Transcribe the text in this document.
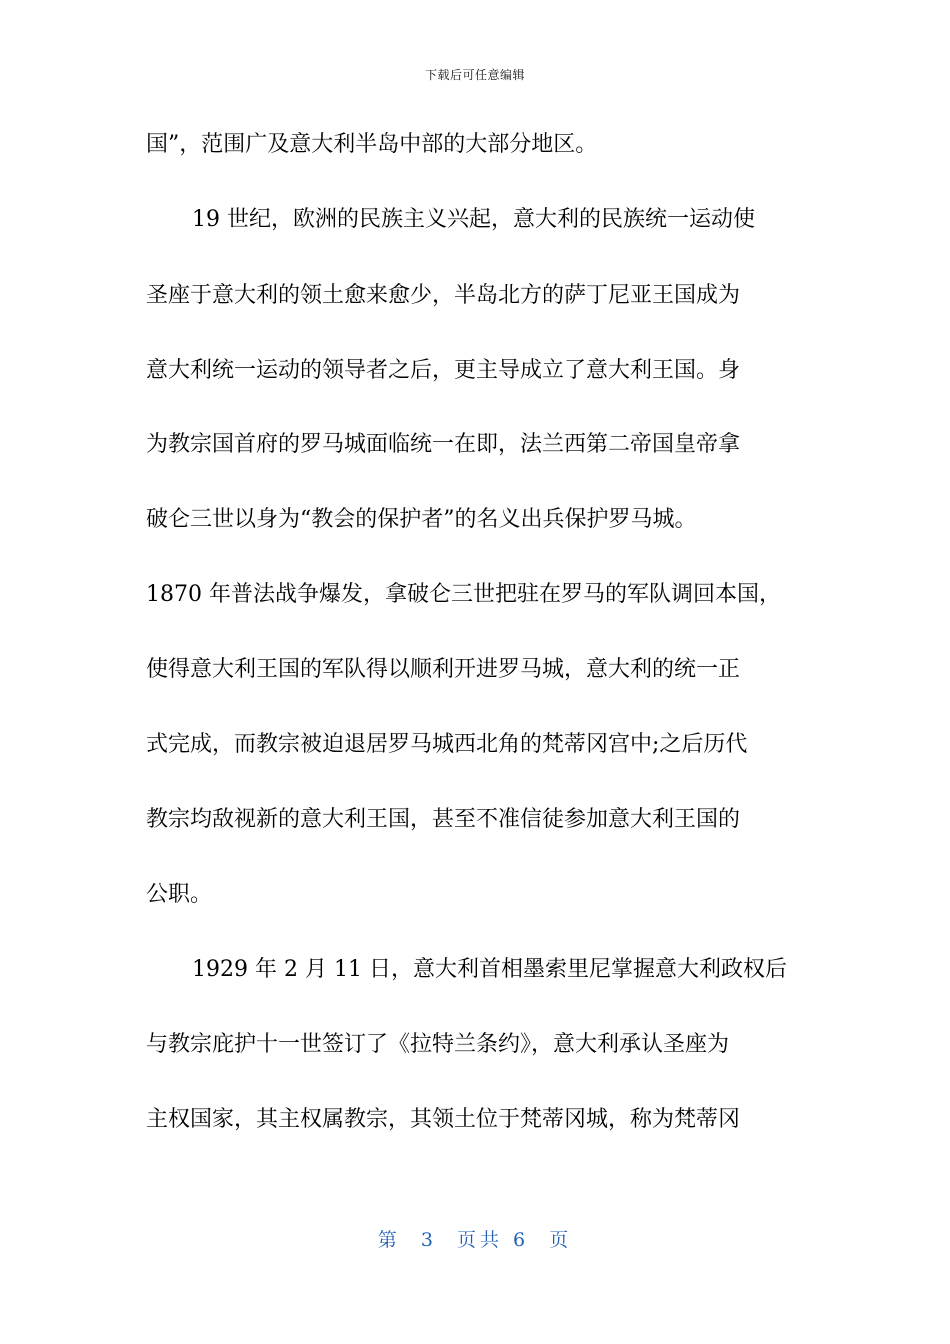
下载后可任意编辑
国”，范围广及意大利半岛中部的大部分地区。
19 世纪，欧洲的民族主义兴起，意大利的民族统一运动使
圣座于意大利的领土愈来愈少，半岛北方的萨丁尼亚王国成为
意大利统一运动的领导者之后，更主导成立了意大利王国。身
为教宗国首府的罗马城面临统一在即，法兰西第二帝国皇帝拿
破仑三世以身为“教会的保护者”的名义出兵保护罗马城。
1870 年普法战争爆发，拿破仑三世把驻在罗马的军队调回本国，
使得意大利王国的军队得以顺利开进罗马城，意大利的统一正
式完成，而教宗被迫退居罗马城西北角的梵蒂冈宫中;之后历代
教宗均敌视新的意大利王国，甚至不准信徒参加意大利王国的
公职。
1929 年 2 月 11 日，意大利首相墨索里尼掌握意大利政权后
与教宗庇护十一世签订了《拉特兰条约》，意大利承认圣座为
主权国家，其主权属教宗，其领土位于梵蒂冈城，称为梵蒂冈
第  3  页共 6  页
